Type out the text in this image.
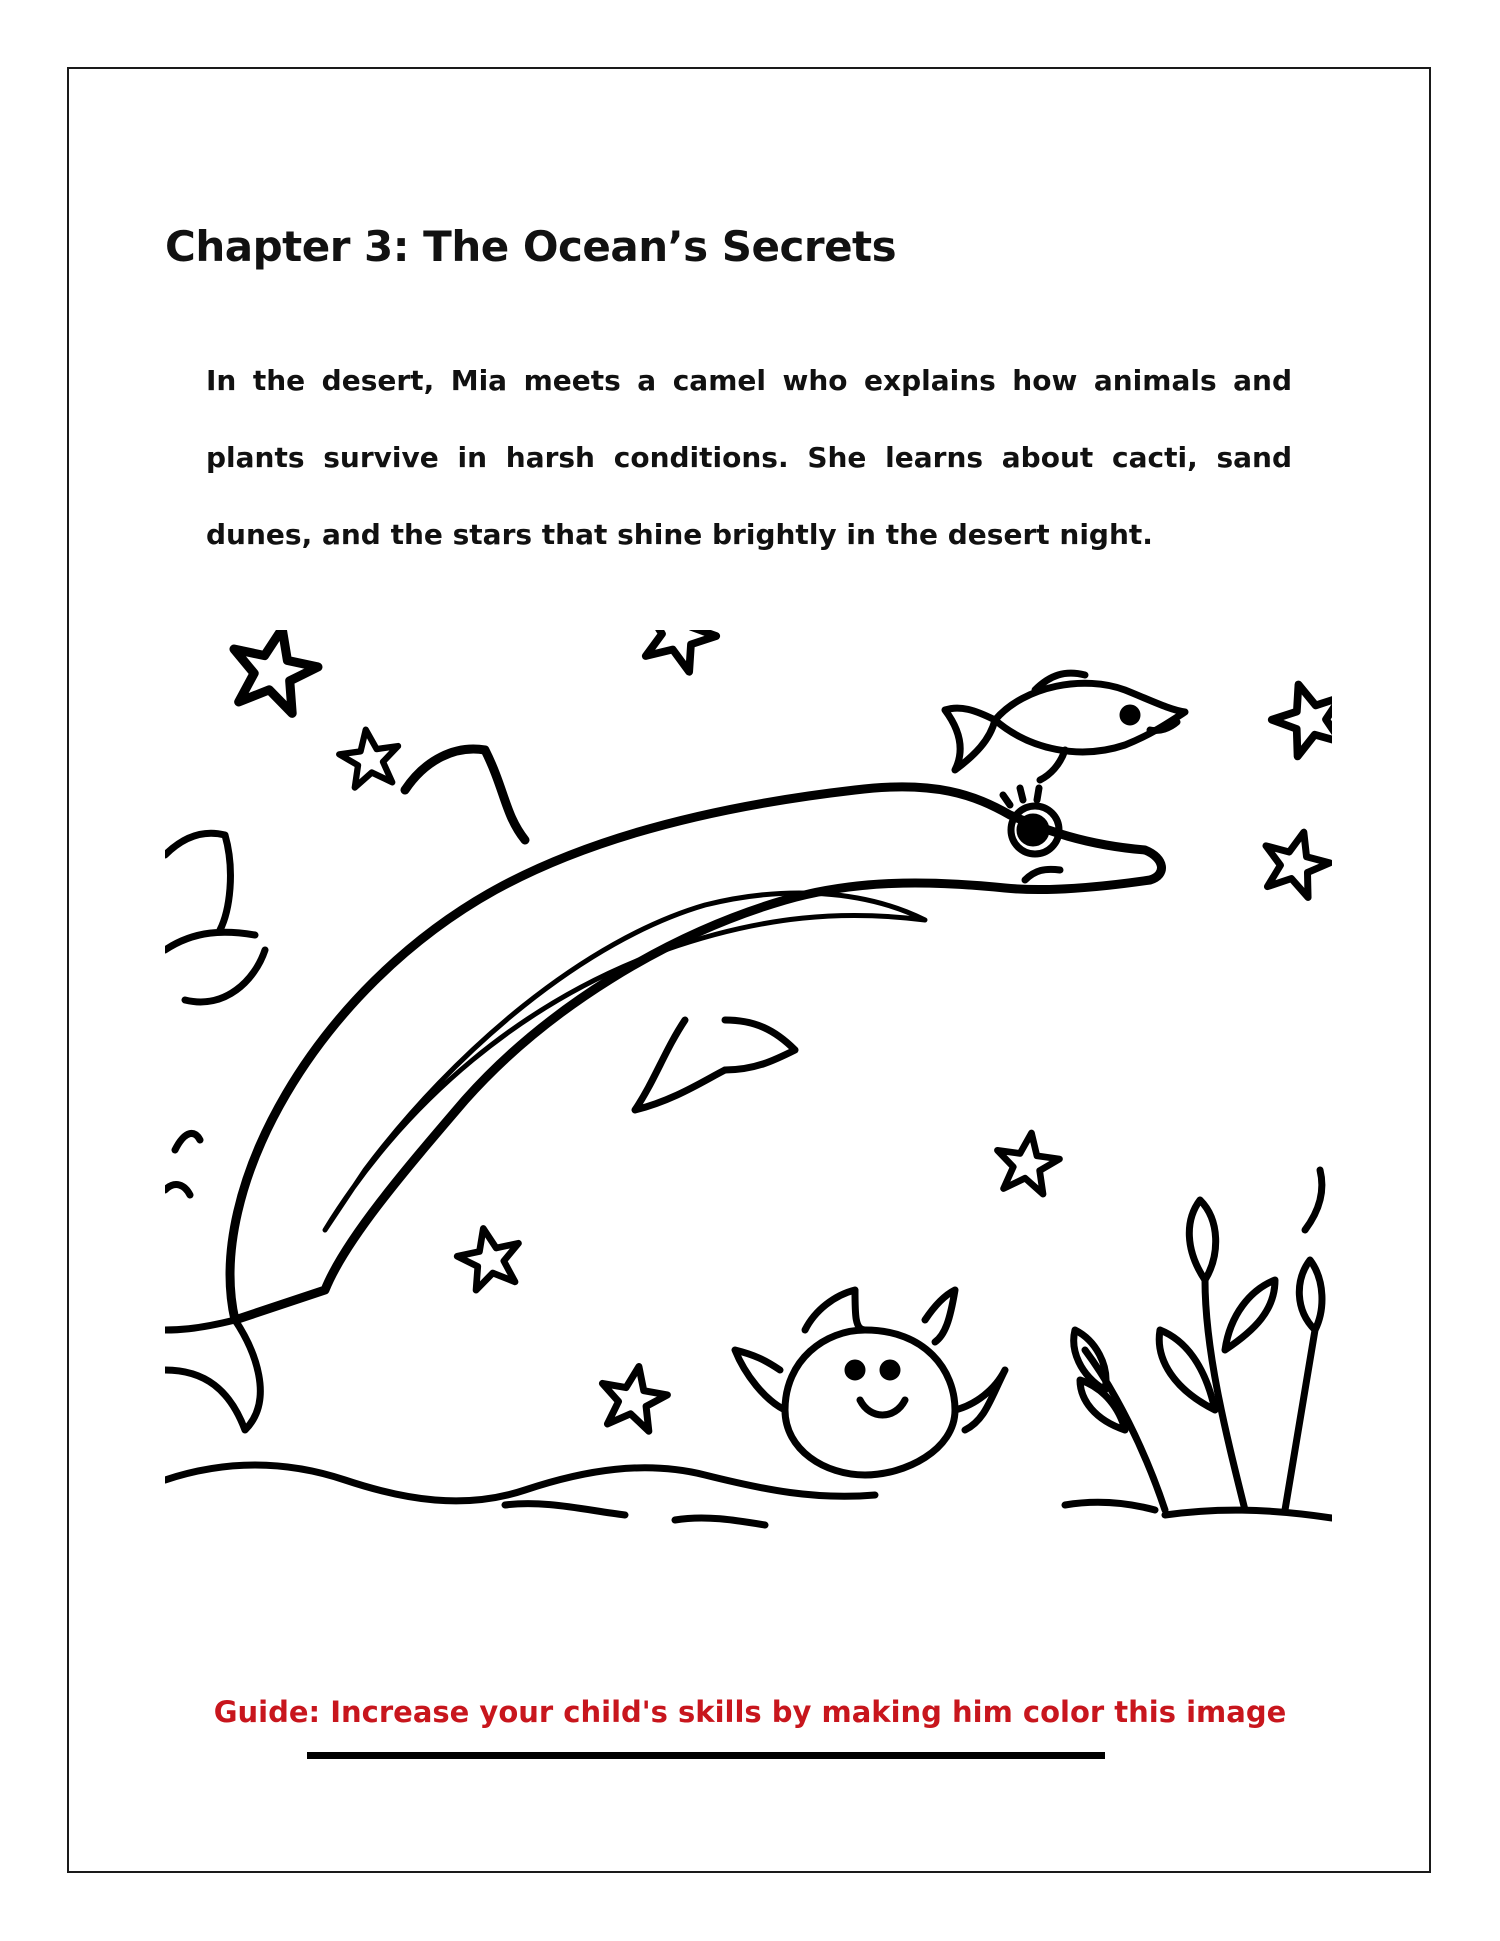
Chapter 3: The Ocean’s Secrets

In the desert, Mia meets a camel who explains how animals and plants survive in harsh conditions. She learns about cacti, sand dunes, and the stars that shine brightly in the desert night.

Guide: Increase your child's skills by making him color this image
